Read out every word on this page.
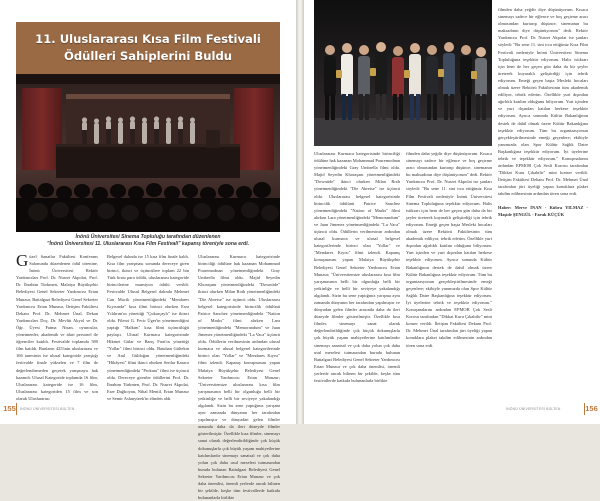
11. Uluslararası Kısa Film Festivali
Ödülleri Sahiplerini Buldu
İnönü Üniversitesi Sinema Topluluğu tarafından düzenlenen
"İnönü Üniversitesi 11. Uluslararası Kısa Film Festivali" kapanış töreniyle sona erdi.

Güzel Sanatlar Fakültesi Konferans Salonunda düzenlenen ödül törenine, İnönü Üniversitesi Rektör Yardımcıları Prof. Dr. Nusret Akpolat, Prof. Dr. İbrahim Türkmen, Malatya Büyükşehir Belediyesi Genel Sekreter Yardımcısı Ertan Munzur, Battalgazi Belediyesi Genel Sekreter Yardımcısı Ertan Munzur, İletişim Fakültesi Dekanı Prof. Dr. Mehmet Ünal, Dekan Yardımcıları Doç. Dr. Mevlüt Akyol ve Dr. Öğr. Üyesi Fatma Nisan, oyuncular, yönetmenler, akademik ve idari personel ile öğrenciler katıldı. Festivalde toplamda 580 film katıldı. Bunların 425'inin uluslararası ve 166 tanesinin ise ulusal kategoride yarıştığı festivalde finale yükselen ve 7 film de değerlendirmeden geçerek yarışmaya hak kazandı. Ulusal Kategoride toplamda 16 film, Uluslararası kategoride ise 16 film, Uluslararası kategoriden 15 film ve son olarak Uluslararası

Belgesel dalında ise 15 kısa film finale kaldı. Kısa film yarışması sonunda dereceye giren birinci, ikinci ve üçüncülere toplam 22 bin Türk lirası para ödülü, uluslararası kategoride birincilerine mansiyon ödülü verildi. Festivalde Ulusal Belgesel dalında Mehmet Can Mucik yönetmenliğindeki "Mendares Kıyısında" kısa filmi birinci olurken Esra Yıldırım'ın yönettiği "Çukurçaylı" ise ikinci oldu. Filerzi G. Fecir Üger'in yönetmenliğini yaptığı "Halkım" kısa filmi üçüncülüğü paylaştı. Ulusal Kurmaca kategorisinde Hikmet Gülar ve Barış Fırat'ın yönettiği "Yollar" filmi birinci oldu. Batuhan Gültekin ve Anıl Güldoğan yönetmenliğindeki "Hikâyesi" filmi ikinci olurken Serdar Karaca yönetmenliğindeki "Prokanı" filmi ise üçüncü oldu. Dereceye girenler ödüllerini Prof. Dr. İbrahim Türkmen, Prof. Dr. Nusret Akpolat, Eser Dağlıoyan, Nihal Mentil, Ertan Munzur ve Semir Aslanyürek'in elinden aldı.

Uluslararası Kurmaca kategorisinde birinciliği ödülüne hak kazanan Mohammad Pouremodnan yönetmenliğindeki Gray Umbrella filmi oldu. Majid Seyedin Khoraşanı yönetmenliğindeki "Downtide" ikinci olurken Milan Roth yönetmenliğindeki "Die Abreise" ise üçüncü oldu. Uluslararası belgesel kategorisinde birincilik ödülünü Patrice Sanchez yönetmenliğindeki "Nation of Masks" filmi alırken Lara yönetmenliğindeki "Memorandum" ve Juan Jimenez yönetmenliğindeki "La Vaca" üçüncü oldu. Ödüllerin verilmesinin ardından ulusal kurmaca ve ulusal belgesel kategorilerinde birinci olan "Yollar" ve "Mendares Kıyısı" filmi izlendi. Kapanış konuşmasını yapan Malatya Büyükşehir Belediyesi Genel Sekreter Yardımcısı Ertan Munzur; "Üniversitemize uluslararası kısa film yarışmasının belli bir olgunluğa belli bir yetkinliğe ve belli bir seviyeye yakalandığı algılandı. Sizin bu sene yaptığınız yarışma aynı zamanda dünyanın her tarafından yapılmıştır ve dünyadan gelen filmler arasında daha da ileri düzeyde filmler gösterilmiştir. Özellikle kısa filmler, sinemayı sanat olarak değerlendirildiğinde çok küçük dokunuşlarla çok büyük yaşam mahiyetlerine katılımlardır sinemayı sanatsal ve çok daha yolun çok daha usul meselesi tutmasından burada bulunan Battalgazi Belediyesi Genel Sekreter Yardımcısı Ertan Munzur ve çok daha önemlisi, önemli yerlerde ancak bilinen bir şekilde, keşke tüm festivallerde katkıda bulunanlarla birlikte

155	İNÖNÜ ÜNİVERSİTESİ BÜLTEN

Uluslararası Kurmaca kategorisinde birinciliği ödülüne hak kazanan Mohammad Pouremodnan yönetmenliğindeki Gray Umbrella filmi oldu. Majid Seyedin Khoraşanı yönetmenliğindeki "Downtide" ikinci olurken Milan Roth yönetmenliğindeki "Die Abreise" ise üçüncü oldu. Uluslararası belgesel kategorisinde birincilik ödülünü Patrice Sanchez yönetmenliğindeki "Nation of Masks" filmi alırken Lara yönetmenliğindeki "Memorandum" ve Juan Jimenez yönetmenliğindeki "La Vaca" üçüncü oldu. Ödüllerin verilmesinin ardından ulusal kurmaca ve ulusal belgesel kategorilerinde birinci olan "Yollar" ve "Mendares Kıyısı" filmi izlendi. Kapanış konuşmasını yapan Malatya Büyükşehir Belediyesi Genel Sekreter Yardımcısı Ertan Munzur; "Üniversitemize uluslararası kısa film yarışmasının belli bir olgunluğa belli bir yetkinliğe ve belli bir seviyeye yakalandığı algılandı. Sizin bu sene yaptığınız yarışma aynı zamanda dünyanın her tarafından yapılmıştır ve dünyadan gelen filmler arasında daha da ileri düzeyde filmler gösterilmiştir. Özellikle kısa filmler, sinemayı sanat olarak değerlendirildiğinde çok küçük dokunuşlarla çok büyük yaşam mahiyetlerine katılımlardır sinemayı sanatsal ve çok daha yolun çok daha usul meselesi tutmasından burada bulunan Battalgazi Belediyesi Genel Sekreter Yardımcısı Ertan Munzur ve çok daha önemlisi, önemli yerlerde ancak bilinen bir şekilde, keşke tüm festivallerde katkıda bulunanlarla birlikte

filmden daha yeğdir diye düşünüyorum. Kısaca sinemayı sadece bir eğlence ve boş geçirme aracı olmasından kurtarıp düşünce, sinemanın bu maksadının diye düşünüyorum" dedi. Rektör Yardımcısı Prof. Dr. Nusret Akpolat ise şunları söyledi: "Bu sene 11. sini icra ettiğimiz Kısa Film Festivali nedeniyle İnönü Üniversitesi Sinema Topluluğuna teşekkür ediyorum. Halis istikrarı için hem de her geçen gün daha da bir şeyler üreterek kuyaraklı geliştirdiği için tebrik ediyorum. Emeği geçen başta Mesleki hocaları olmak üzere Rektörü Fakültesinin tüm akademik ediliyor, tebrik ederim. Özellikle yurt dışından ağırlıklı katılım olduğunu biliyorum. Yurt içinden ve yurt dışından katılan herkese teşekkür ediyorum. Ayrıca sonunda Kültür Bakanlığının destek de dahil olmak üzere Kültür Bakanlığına teşekkür ediyorum. Tüm bu organizasyonun gerçekleştirilmesinde emeği geçenlere; ekibiyle yanımızda olan Spor Kültür Sağlık Daire Başkanlığına teşekkür ediyorum. İyi üyelerine tebrik ve teşekkür ediyorum." Konuşmalarını ardından EPMOB Çok Sesli Korosu tarafından "Dikkat Kuru Çıkabilir" mini konser verildi. İletişim Fakültesi Dekanı Prof. Dr. Mehmet Ünal tarafından jüri üyeliği yapan konuklara plaket takdim edilmesinin ardından tören sona erdi.

filmden daha yeğdir diye düşünüyorum. Kısaca sinemayı sadece bir eğlence ve boş geçirme aracı olmasından kurtarıp düşünce, sinemanın bu maksadının diye düşünüyorum" dedi. Rektör Yardımcısı Prof. Dr. Nusret Akpolat ise şunları söyledi: "Bu sene 11. sini icra ettiğimiz Kısa Film Festivali nedeniyle İnönü Üniversitesi Sinema Topluluğuna teşekkür ediyorum. Halis istikrarı için hem de her geçen gün daha da bir şeyler üreterek kuyaraklı geliştirdiği için tebrik ediyorum. Emeği geçen başta Mesleki hocaları olmak üzere Rektörü Fakültesinin tüm akademik ediliyor, tebrik ederim. Özellikle yurt dışından ağırlıklı katılım olduğunu biliyorum. Yurt içinden ve yurt dışından katılan herkese teşekkür ediyorum. Ayrıca sonunda Kültür Bakanlığının destek de dahil olmak üzere Kültür Bakanlığına teşekkür ediyorum. Tüm bu organizasyonun gerçekleştirilmesinde emeği geçenlere; ekibiyle yanımızda olan Spor Kültür Sağlık Daire Başkanlığına teşekkür ediyorum. İyi üyelerine tebrik ve teşekkür ediyorum." Konuşmalarını ardından EPMOB Çok Sesli Korosu tarafından "Dikkat Kuru Çıkabilir" mini konser verildi. İletişim Fakültesi Dekanı Prof. Dr. Mehmet Ünal tarafından jüri üyeliği yapan konuklara plaket takdim edilmesinin ardından tören sona erdi.

Haber: Merve İNAN - Kübra YILMAZ - Maşide ŞENGÜL - Faruk KÜÇÜK

156
İNÖNÜ ÜNİVERSİTESİ BÜLTEN
